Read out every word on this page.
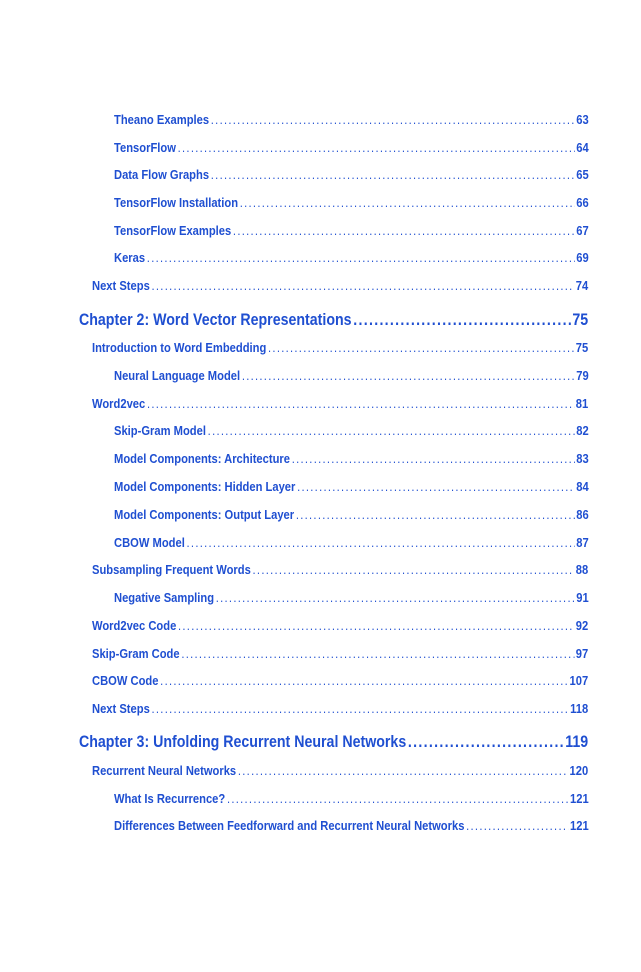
Theano Examples .....	63
TensorFlow .....	64
Data Flow Graphs .....	65
TensorFlow Installation .....	66
TensorFlow Examples .....	67
Keras .....	69
Next Steps .....	74
Chapter 2: Word Vector Representations .....	75
Introduction to Word Embedding .....	75
Neural Language Model .....	79
Word2vec .....	81
Skip-Gram Model .....	82
Model Components: Architecture .....	83
Model Components: Hidden Layer .....	84
Model Components: Output Layer .....	86
CBOW Model .....	87
Subsampling Frequent Words .....	88
Negative Sampling .....	91
Word2vec Code .....	92
Skip-Gram Code .....	97
CBOW Code .....	107
Next Steps .....	118
Chapter 3: Unfolding Recurrent Neural Networks .....	119
Recurrent Neural Networks .....	120
What Is Recurrence? .....	121
Differences Between Feedforward and Recurrent Neural Networks .....	121
